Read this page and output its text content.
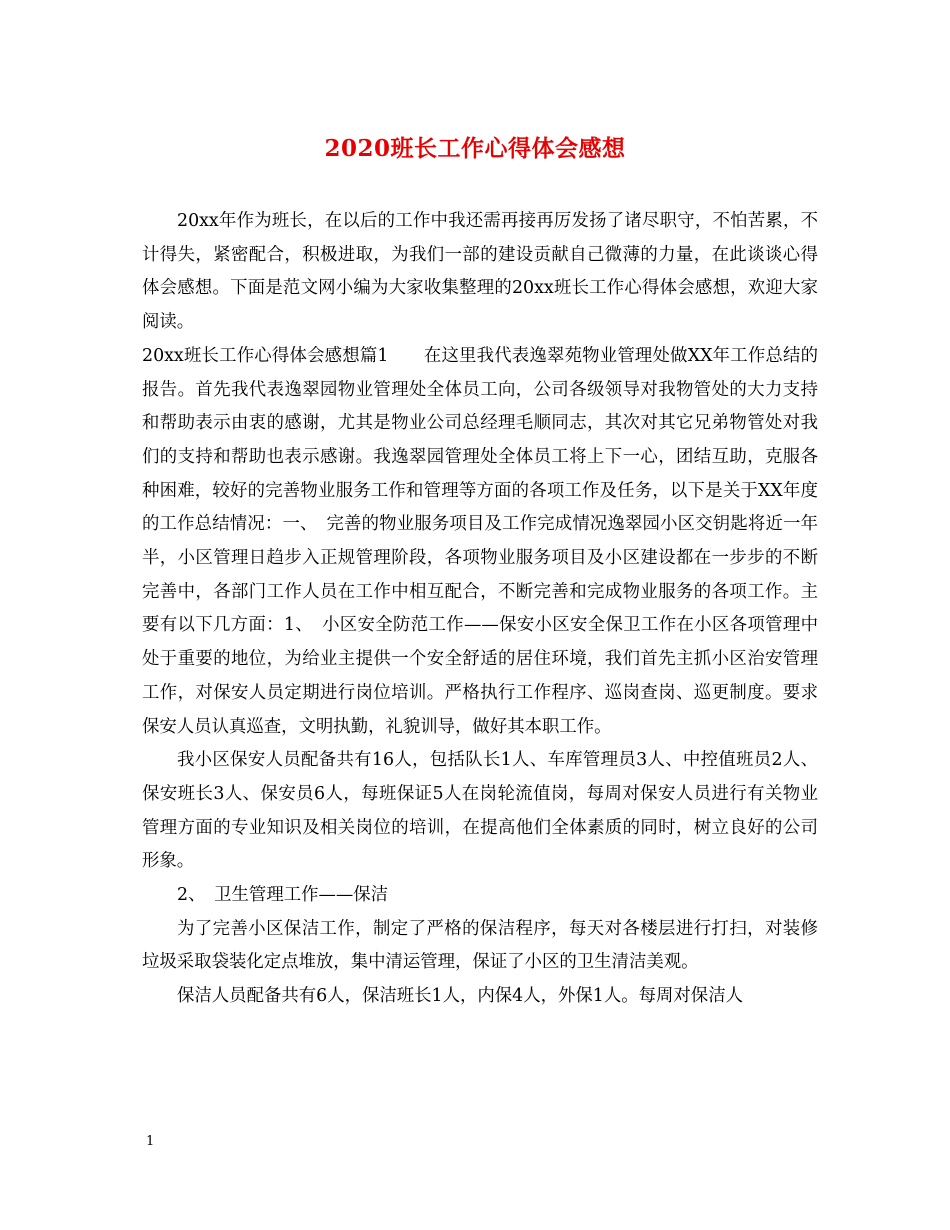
2020班长工作心得体会感想

20xx年作为班长，在以后的工作中我还需再接再厉发扬了诸尽职守，不怕苦累，不计得失，紧密配合，积极进取，为我们一部的建设贡献自己微薄的力量，在此谈谈心得体会感想。下面是范文网小编为大家收集整理的20xx班长工作心得体会感想，欢迎大家阅读。

20xx班长工作心得体会感想篇1　　在这里我代表逸翠苑物业管理处做XX年工作总结的报告。首先我代表逸翠园物业管理处全体员工向，公司各级领导对我物管处的大力支持和帮助表示由衷的感谢，尤其是物业公司总经理毛顺同志，其次对其它兄弟物管处对我们的支持和帮助也表示感谢。我逸翠园管理处全体员工将上下一心，团结互助，克服各种困难，较好的完善物业服务工作和管理等方面的各项工作及任务，以下是关于XX年度的工作总结情况：一、　完善的物业服务项目及工作完成情况逸翠园小区交钥匙将近一年半，小区管理日趋步入正规管理阶段，各项物业服务项目及小区建设都在一步步的不断完善中，各部门工作人员在工作中相互配合，不断完善和完成物业服务的各项工作。主要有以下几方面：1、　小区安全防范工作——保安小区安全保卫工作在小区各项管理中处于重要的地位，为给业主提供一个安全舒适的居住环境，我们首先主抓小区治安管理工作，对保安人员定期进行岗位培训。严格执行工作程序、巡岗查岗、巡更制度。要求保安人员认真巡查，文明执勤，礼貌训导，做好其本职工作。

我小区保安人员配备共有16人，包括队长1人、车库管理员3人、中控值班员2人、保安班长3人、保安员6人，每班保证5人在岗轮流值岗，每周对保安人员进行有关物业管理方面的专业知识及相关岗位的培训，在提高他们全体素质的同时，树立良好的公司形象。

2、　卫生管理工作——保洁

为了完善小区保洁工作，制定了严格的保洁程序，每天对各楼层进行打扫，对装修垃圾采取袋装化定点堆放，集中清运管理，保证了小区的卫生清洁美观。

保洁人员配备共有6人，保洁班长1人，内保4人，外保1人。每周对保洁人

1
